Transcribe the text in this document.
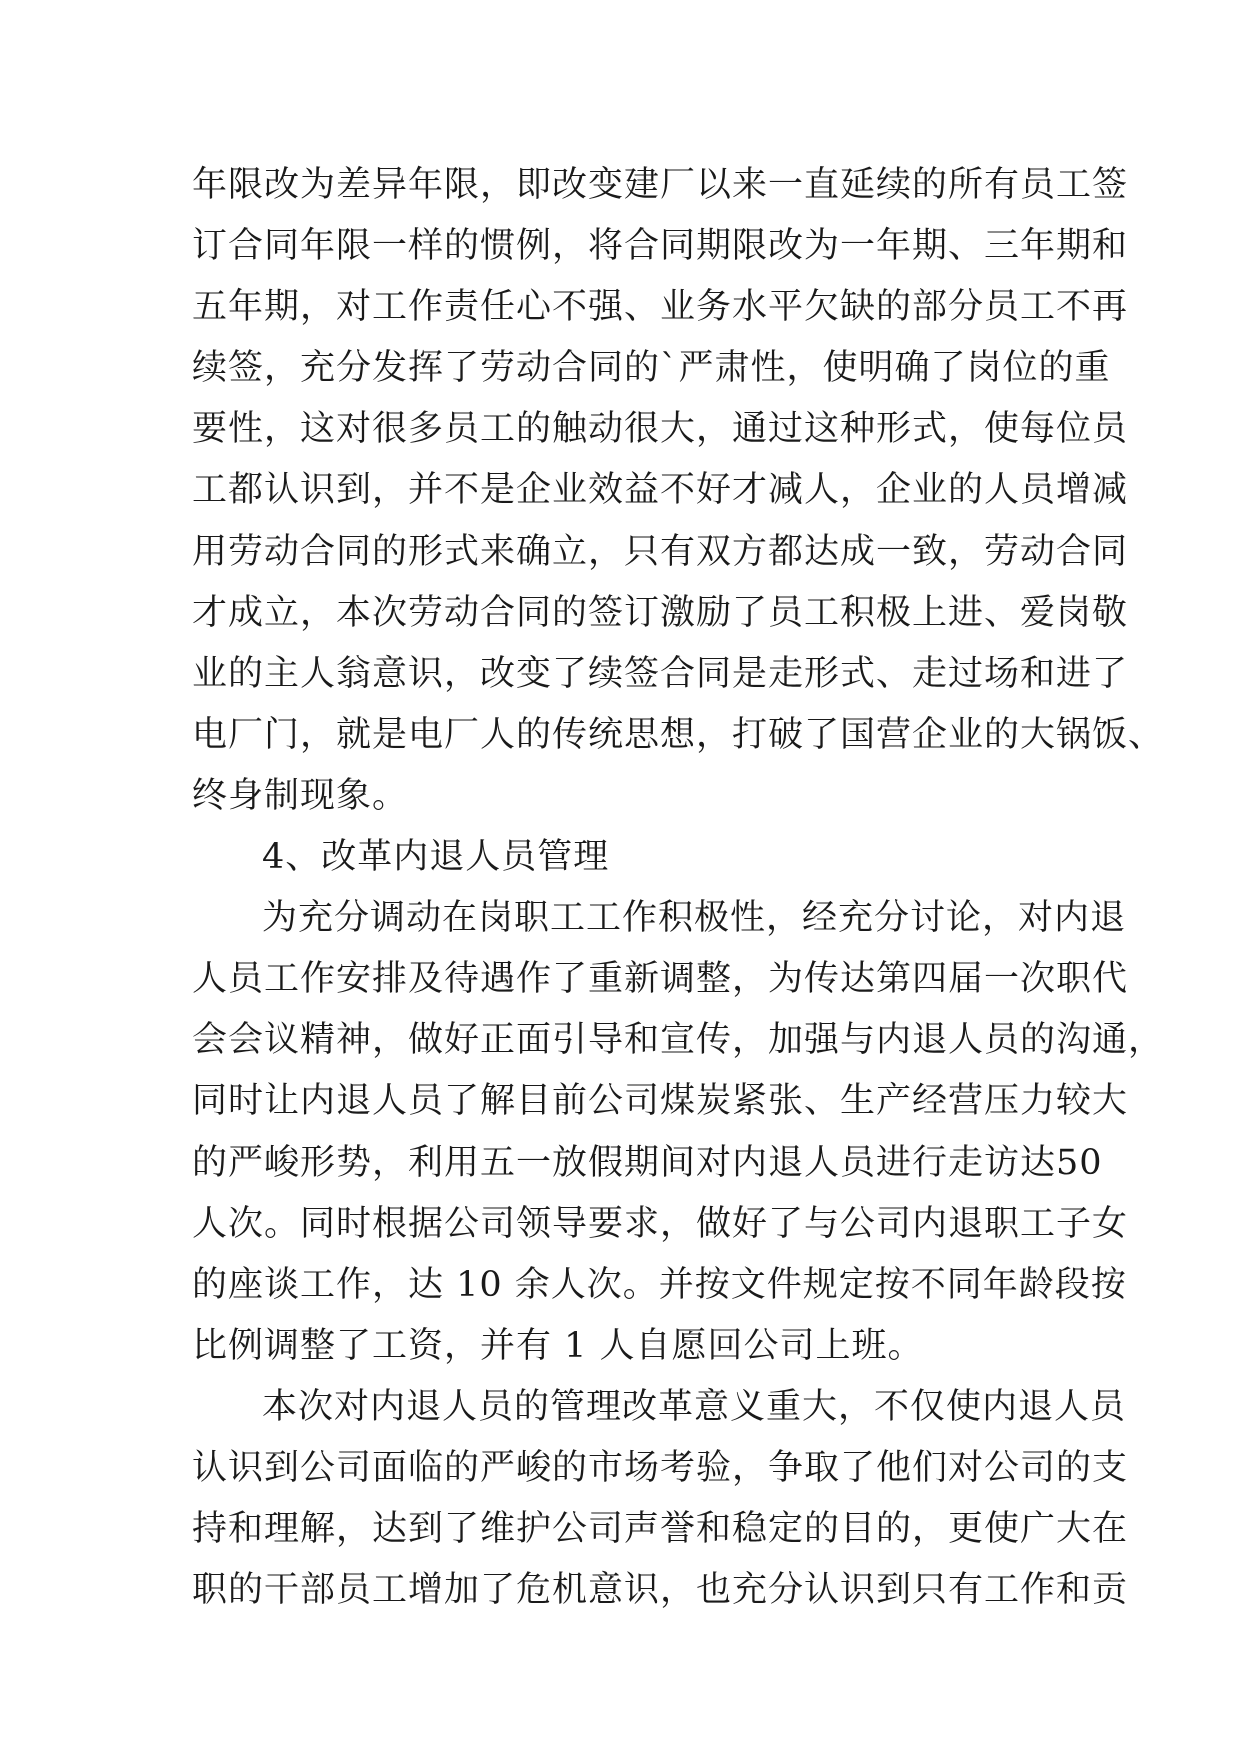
年限改为差异年限，即改变建厂以来一直延续的所有员工签
订合同年限一样的惯例，将合同期限改为一年期、三年期和
五年期，对工作责任心不强、业务水平欠缺的部分员工不再
续签，充分发挥了劳动合同的`严肃性，使明确了岗位的重
要性，这对很多员工的触动很大，通过这种形式，使每位员
工都认识到，并不是企业效益不好才减人，企业的人员增减
用劳动合同的形式来确立，只有双方都达成一致，劳动合同
才成立，本次劳动合同的签订激励了员工积极上进、爱岗敬
业的主人翁意识，改变了续签合同是走形式、走过场和进了
电厂门，就是电厂人的传统思想，打破了国营企业的大锅饭、
终身制现象。
4、改革内退人员管理
为充分调动在岗职工工作积极性，经充分讨论，对内退
人员工作安排及待遇作了重新调整，为传达第四届一次职代
会会议精神，做好正面引导和宣传，加强与内退人员的沟通，
同时让内退人员了解目前公司煤炭紧张、生产经营压力较大
的严峻形势，利用五一放假期间对内退人员进行走访达50
人次。同时根据公司领导要求，做好了与公司内退职工子女
的座谈工作，达 10 余人次。并按文件规定按不同年龄段按
比例调整了工资，并有 1 人自愿回公司上班。
本次对内退人员的管理改革意义重大，不仅使内退人员
认识到公司面临的严峻的市场考验，争取了他们对公司的支
持和理解，达到了维护公司声誉和稳定的目的，更使广大在
职的干部员工增加了危机意识，也充分认识到只有工作和贡
